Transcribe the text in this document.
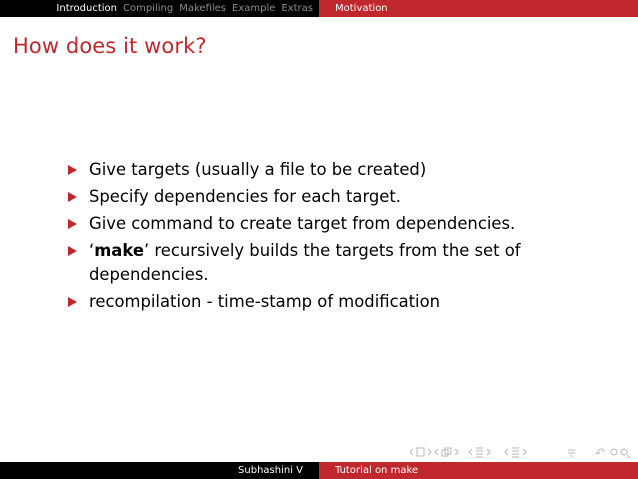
Introduction Compiling Makefiles Example Extras Motivation
How does it work?
Give targets (usually a file to be created)
Specify dependencies for each target.
Give command to create target from dependencies.
‘make’ recursively builds the targets from the set of dependencies.
recompilation - time-stamp of modification
Subhashini V	Tutorial on make
